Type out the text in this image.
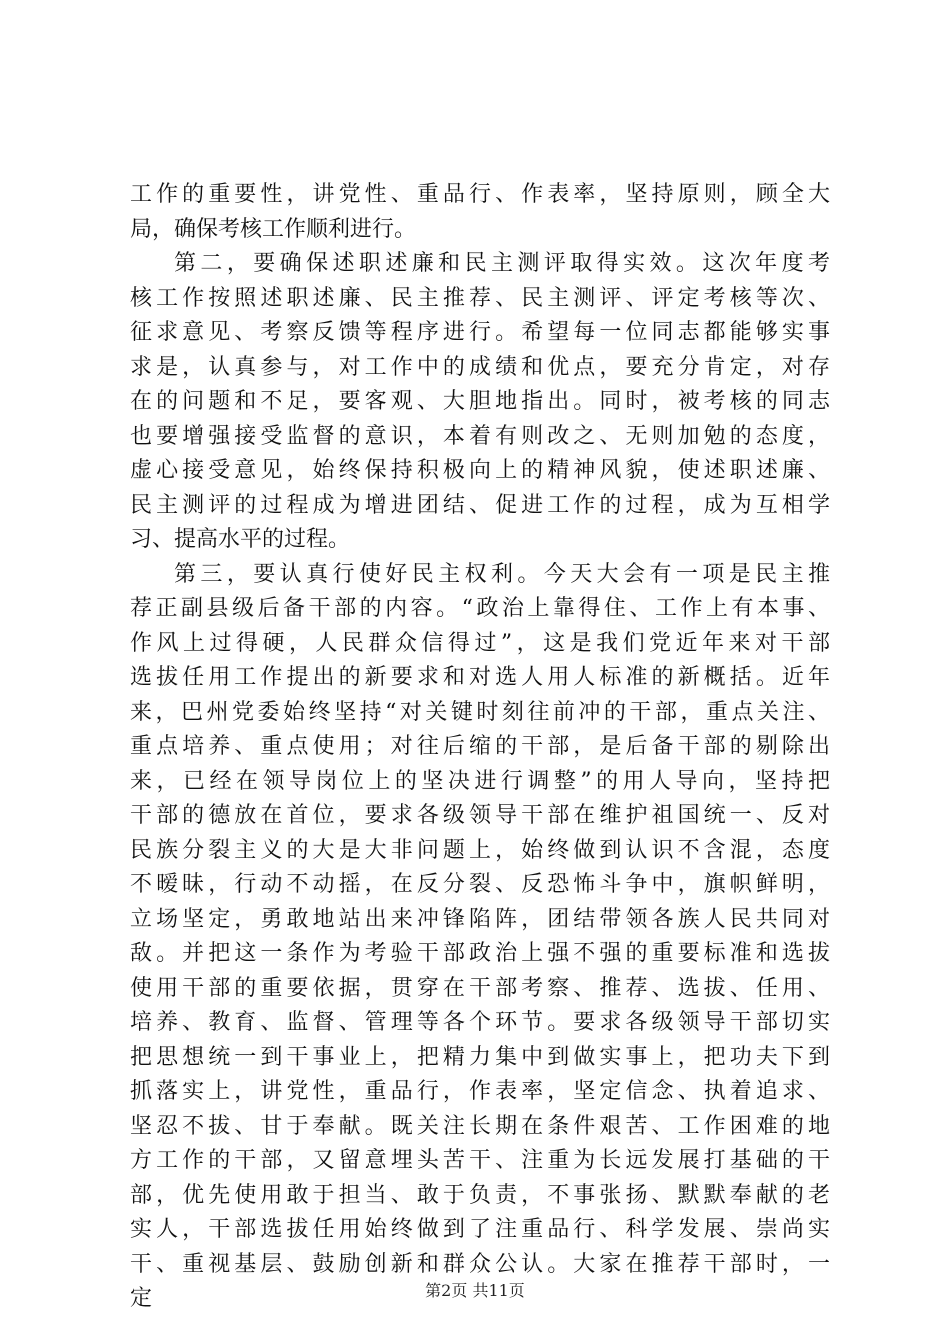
工作的重要性，讲党性、重品行、作表率，坚持原则，顾全大
局，确保考核工作顺利进行。
第二，要确保述职述廉和民主测评取得实效。这次年度考
核工作按照述职述廉、民主推荐、民主测评、评定考核等次、
征求意见、考察反馈等程序进行。希望每一位同志都能够实事
求是，认真参与，对工作中的成绩和优点，要充分肯定，对存
在的问题和不足，要客观、大胆地指出。同时，被考核的同志
也要增强接受监督的意识，本着有则改之、无则加勉的态度，
虚心接受意见，始终保持积极向上的精神风貌，使述职述廉、
民主测评的过程成为增进团结、促进工作的过程，成为互相学
习、提高水平的过程。
第三，要认真行使好民主权利。今天大会有一项是民主推
荐正副县级后备干部的内容。“政治上靠得住、工作上有本事、
作风上过得硬，人民群众信得过”，这是我们党近年来对干部
选拔任用工作提出的新要求和对选人用人标准的新概括。近年
来，巴州党委始终坚持“对关键时刻往前冲的干部，重点关注、
重点培养、重点使用；对往后缩的干部，是后备干部的剔除出
来，已经在领导岗位上的坚决进行调整”的用人导向，坚持把
干部的德放在首位，要求各级领导干部在维护祖国统一、反对
民族分裂主义的大是大非问题上，始终做到认识不含混，态度
不暧昧，行动不动摇，在反分裂、反恐怖斗争中，旗帜鲜明，
立场坚定，勇敢地站出来冲锋陷阵，团结带领各族人民共同对
敌。并把这一条作为考验干部政治上强不强的重要标准和选拔
使用干部的重要依据，贯穿在干部考察、推荐、选拔、任用、
培养、教育、监督、管理等各个环节。要求各级领导干部切实
把思想统一到干事业上，把精力集中到做实事上，把功夫下到
抓落实上，讲党性，重品行，作表率，坚定信念、执着追求、
坚忍不拔、甘于奉献。既关注长期在条件艰苦、工作困难的地
方工作的干部，又留意埋头苦干、注重为长远发展打基础的干
部，优先使用敢于担当、敢于负责，不事张扬、默默奉献的老
实人，干部选拔任用始终做到了注重品行、科学发展、崇尚实
干、重视基层、鼓励创新和群众公认。大家在推荐干部时，一
定	第2页 共11页
